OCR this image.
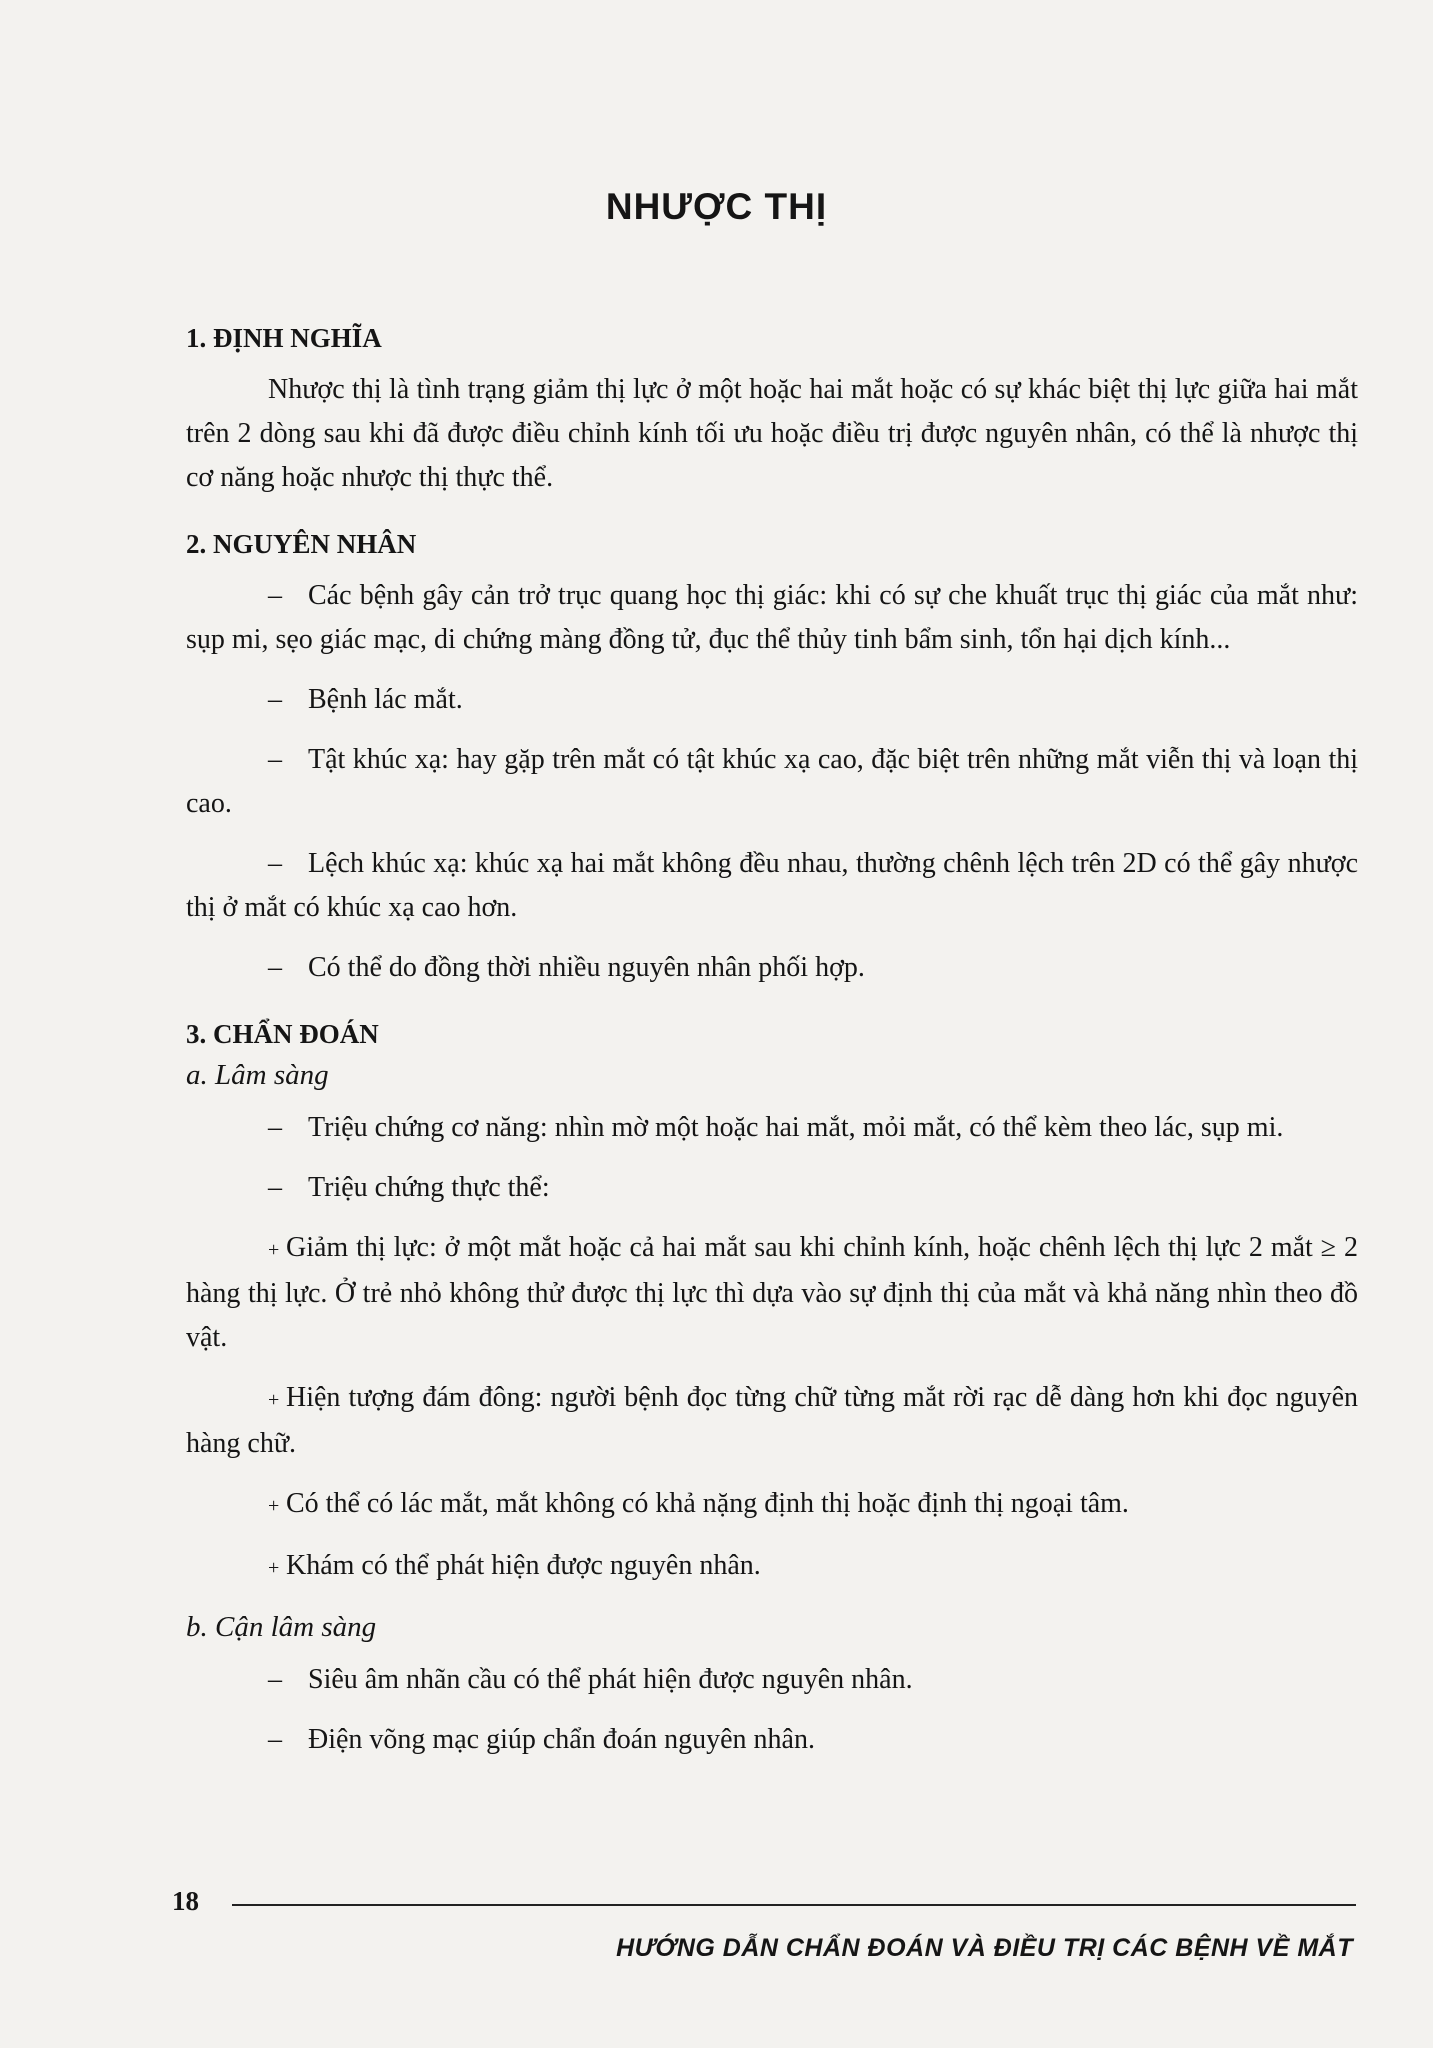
NHƯỢC THỊ
1. ĐỊNH NGHĨA

Nhược thị là tình trạng giảm thị lực ở một hoặc hai mắt hoặc có sự khác biệt thị lực giữa hai mắt trên 2 dòng sau khi đã được điều chỉnh kính tối ưu hoặc điều trị được nguyên nhân, có thể là nhược thị cơ năng hoặc nhược thị thực thể.

2. NGUYÊN NHÂN

– Các bệnh gây cản trở trục quang học thị giác: khi có sự che khuất trục thị giác của mắt như: sụp mi, sẹo giác mạc, di chứng màng đồng tử, đục thể thủy tinh bẩm sinh, tổn hại dịch kính...

– Bệnh lác mắt.

– Tật khúc xạ: hay gặp trên mắt có tật khúc xạ cao, đặc biệt trên những mắt viễn thị và loạn thị cao.

– Lệch khúc xạ: khúc xạ hai mắt không đều nhau, thường chênh lệch trên 2D có thể gây nhược thị ở mắt có khúc xạ cao hơn.

– Có thể do đồng thời nhiều nguyên nhân phối hợp.

3. CHẨN ĐOÁN
a. Lâm sàng

– Triệu chứng cơ năng: nhìn mờ một hoặc hai mắt, mỏi mắt, có thể kèm theo lác, sụp mi.

– Triệu chứng thực thể:

+ Giảm thị lực: ở một mắt hoặc cả hai mắt sau khi chỉnh kính, hoặc chênh lệch thị lực 2 mắt ≥ 2 hàng thị lực. Ở trẻ nhỏ không thử được thị lực thì dựa vào sự định thị của mắt và khả năng nhìn theo đồ vật.

+ Hiện tượng đám đông: người bệnh đọc từng chữ từng mắt rời rạc dễ dàng hơn khi đọc nguyên hàng chữ.

+ Có thể có lác mắt, mắt không có khả nặng định thị hoặc định thị ngoại tâm.

+ Khám có thể phát hiện được nguyên nhân.

b. Cận lâm sàng

– Siêu âm nhãn cầu có thể phát hiện được nguyên nhân.

– Điện võng mạc giúp chẩn đoán nguyên nhân.

18
HƯỚNG DẪN CHẨN ĐOÁN VÀ ĐIỀU TRỊ CÁC BỆNH VỀ MẮT
